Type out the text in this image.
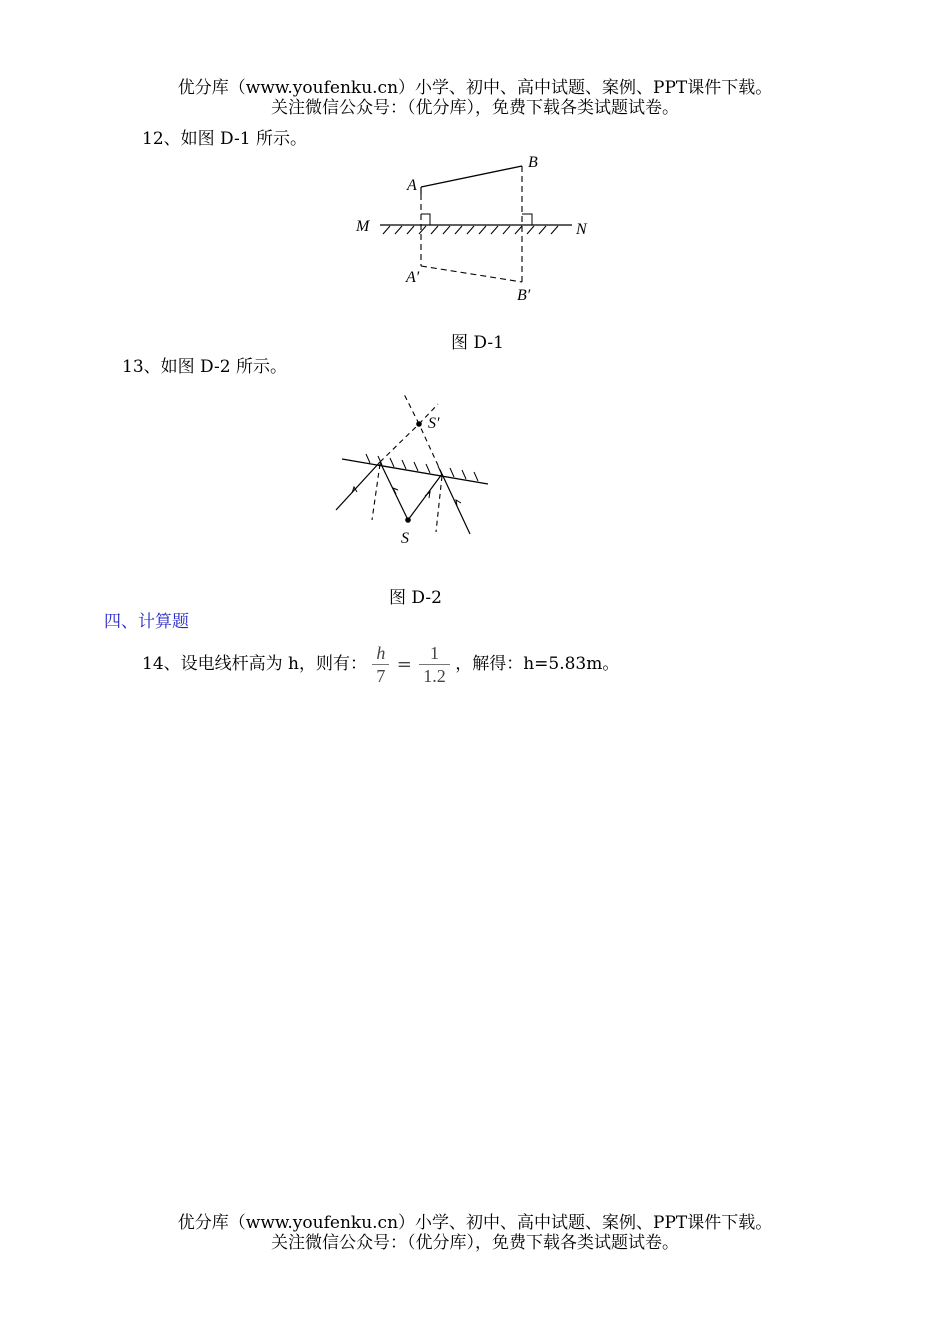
优分库（www.youfenku.cn）小学、初中、高中试题、案例、PPT课件下载。
关注微信公众号：（优分库），免费下载各类试题试卷。
12、如图 D-1 所示。
A
B
M	N
A′
B′
图 D-1
13、如图 D-2 所示。
S′
S
图 D-2
四、计算题
14、设电线杆高为 h，则有： $\frac{h}{7} = \frac{1}{1.2}$ ，解得：h=5.83m。
优分库（www.youfenku.cn）小学、初中、高中试题、案例、PPT课件下载。
关注微信公众号：（优分库），免费下载各类试题试卷。
